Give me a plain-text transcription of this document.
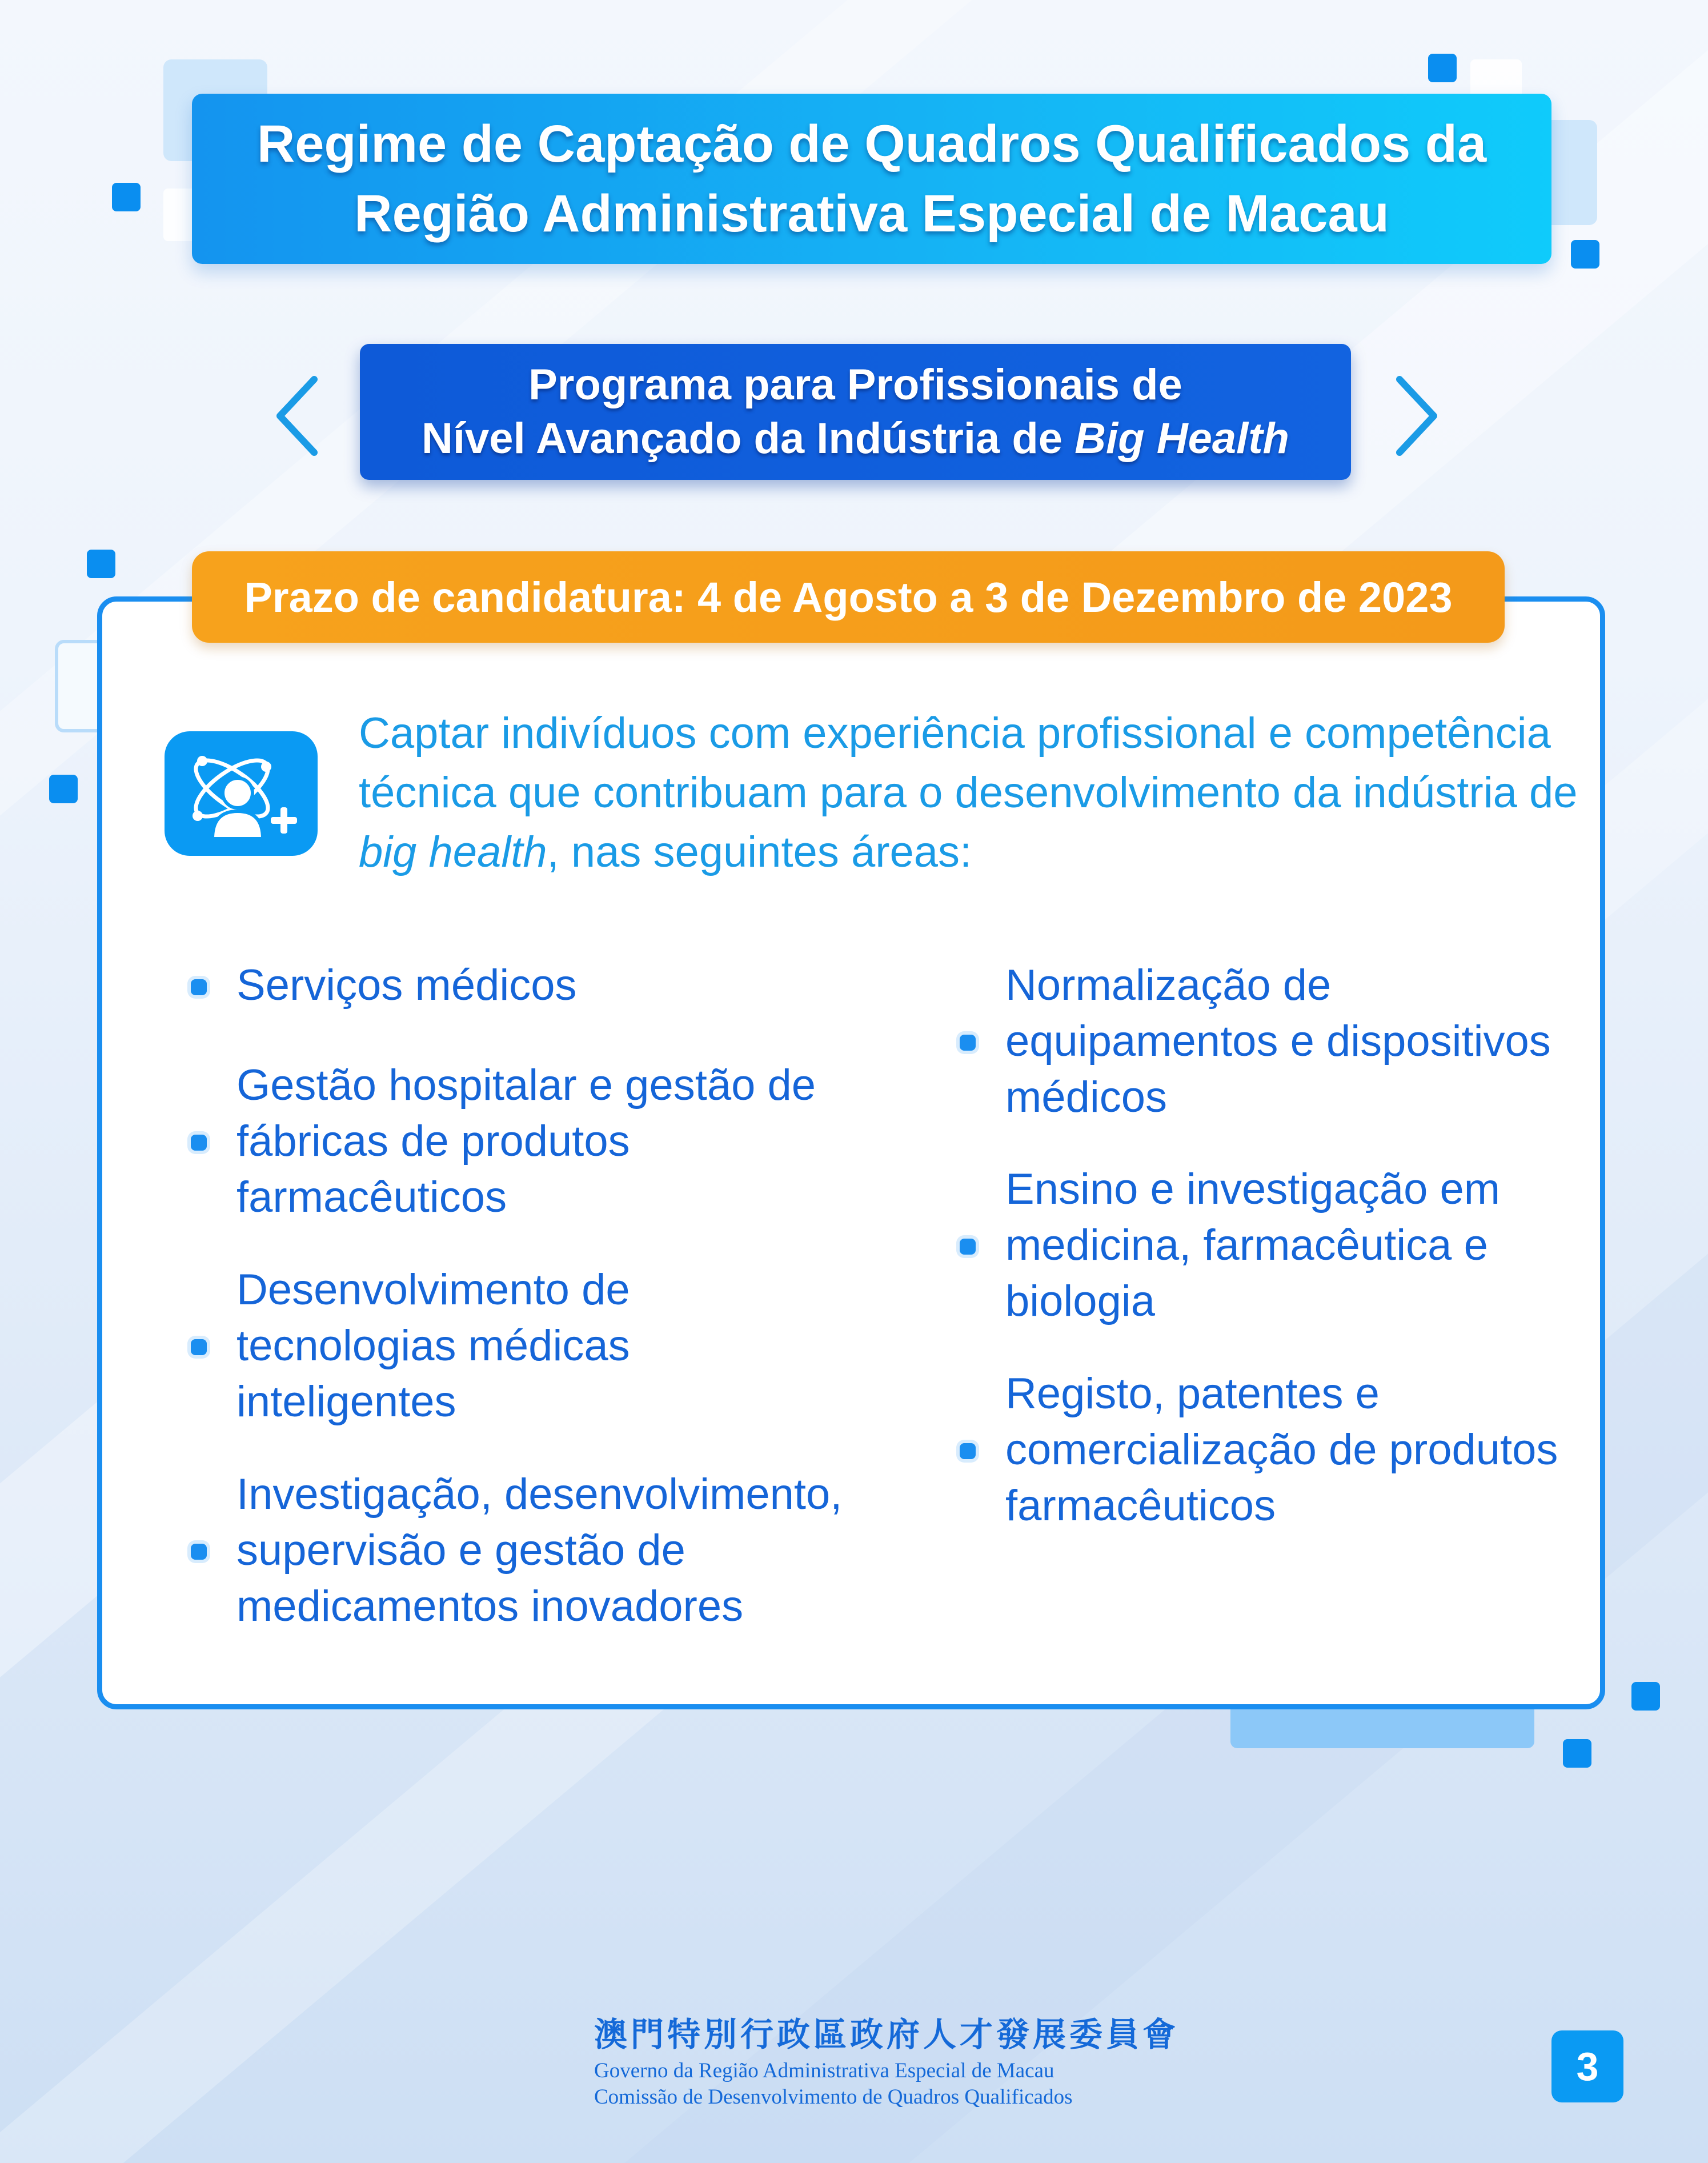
Regime de Captação de Quadros Qualificados da
Região Administrativa Especial de Macau
Programa para Profissionais de
Nível Avançado da Indústria de Big Health
Prazo de candidatura: 4 de Agosto a 3 de Dezembro de 2023
Captar indivíduos com experiência profissional e competência técnica que contribuam para o desenvolvimento da indústria de big health, nas seguintes áreas:
Serviços médicos
Gestão hospitalar e gestão de
fábricas de produtos
farmacêuticos
Desenvolvimento de
tecnologias médicas
inteligentes
Investigação, desenvolvimento,
supervisão e gestão de
medicamentos inovadores
Normalização de
equipamentos e dispositivos
médicos
Ensino e investigação em
medicina, farmacêutica e
biologia
Registo, patentes e
comercialização de produtos
farmacêuticos
澳門特別行政區政府人才發展委員會
Governo da Região Administrativa Especial de Macau
Comissão de Desenvolvimento de Quadros Qualificados
3
